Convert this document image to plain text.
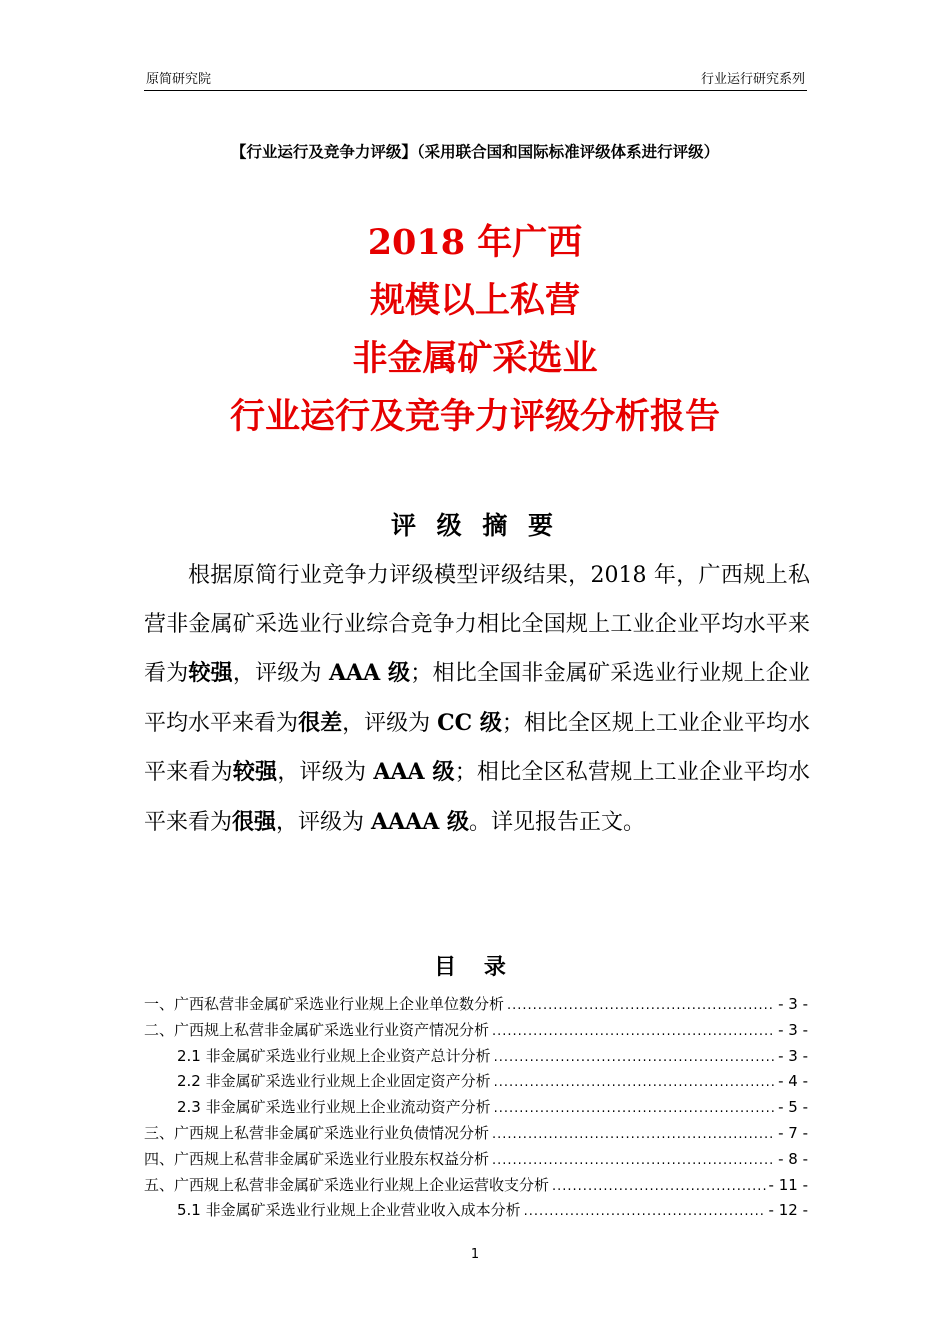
原简研究院	行业运行研究系列
【行业运行及竞争力评级】（采用联合国和国际标准评级体系进行评级）
2018 年广西
规模以上私营
非金属矿采选业
行业运行及竞争力评级分析报告
评 级 摘 要
根据原简行业竞争力评级模型评级结果，2018 年，广西规上私营非金属矿采选业行业综合竞争力相比全国规上工业企业平均水平来看为较强，评级为 AAA 级；相比全国非金属矿采选业行业规上企业平均水平来看为很差，评级为 CC 级；相比全区规上工业企业平均水平来看为较强，评级为 AAA 级；相比全区私营规上工业企业平均水平来看为很强，评级为 AAAA 级。详见报告正文。
目 录
一、广西私营非金属矿采选业行业规上企业单位数分析 .....	- 3 -
二、广西规上私营非金属矿采选业行业资产情况分析 .....	- 3 -
2.1 非金属矿采选业行业规上企业资产总计分析 .....	- 3 -
2.2 非金属矿采选业行业规上企业固定资产分析 .....	- 4 -
2.3 非金属矿采选业行业规上企业流动资产分析 .....	- 5 -
三、广西规上私营非金属矿采选业行业负债情况分析 .....	- 7 -
四、广西规上私营非金属矿采选业行业股东权益分析 .....	- 8 -
五、广西规上私营非金属矿采选业行业规上企业运营收支分析 .....	- 11 -
5.1 非金属矿采选业行业规上企业营业收入成本分析 .....	- 12 -
1
